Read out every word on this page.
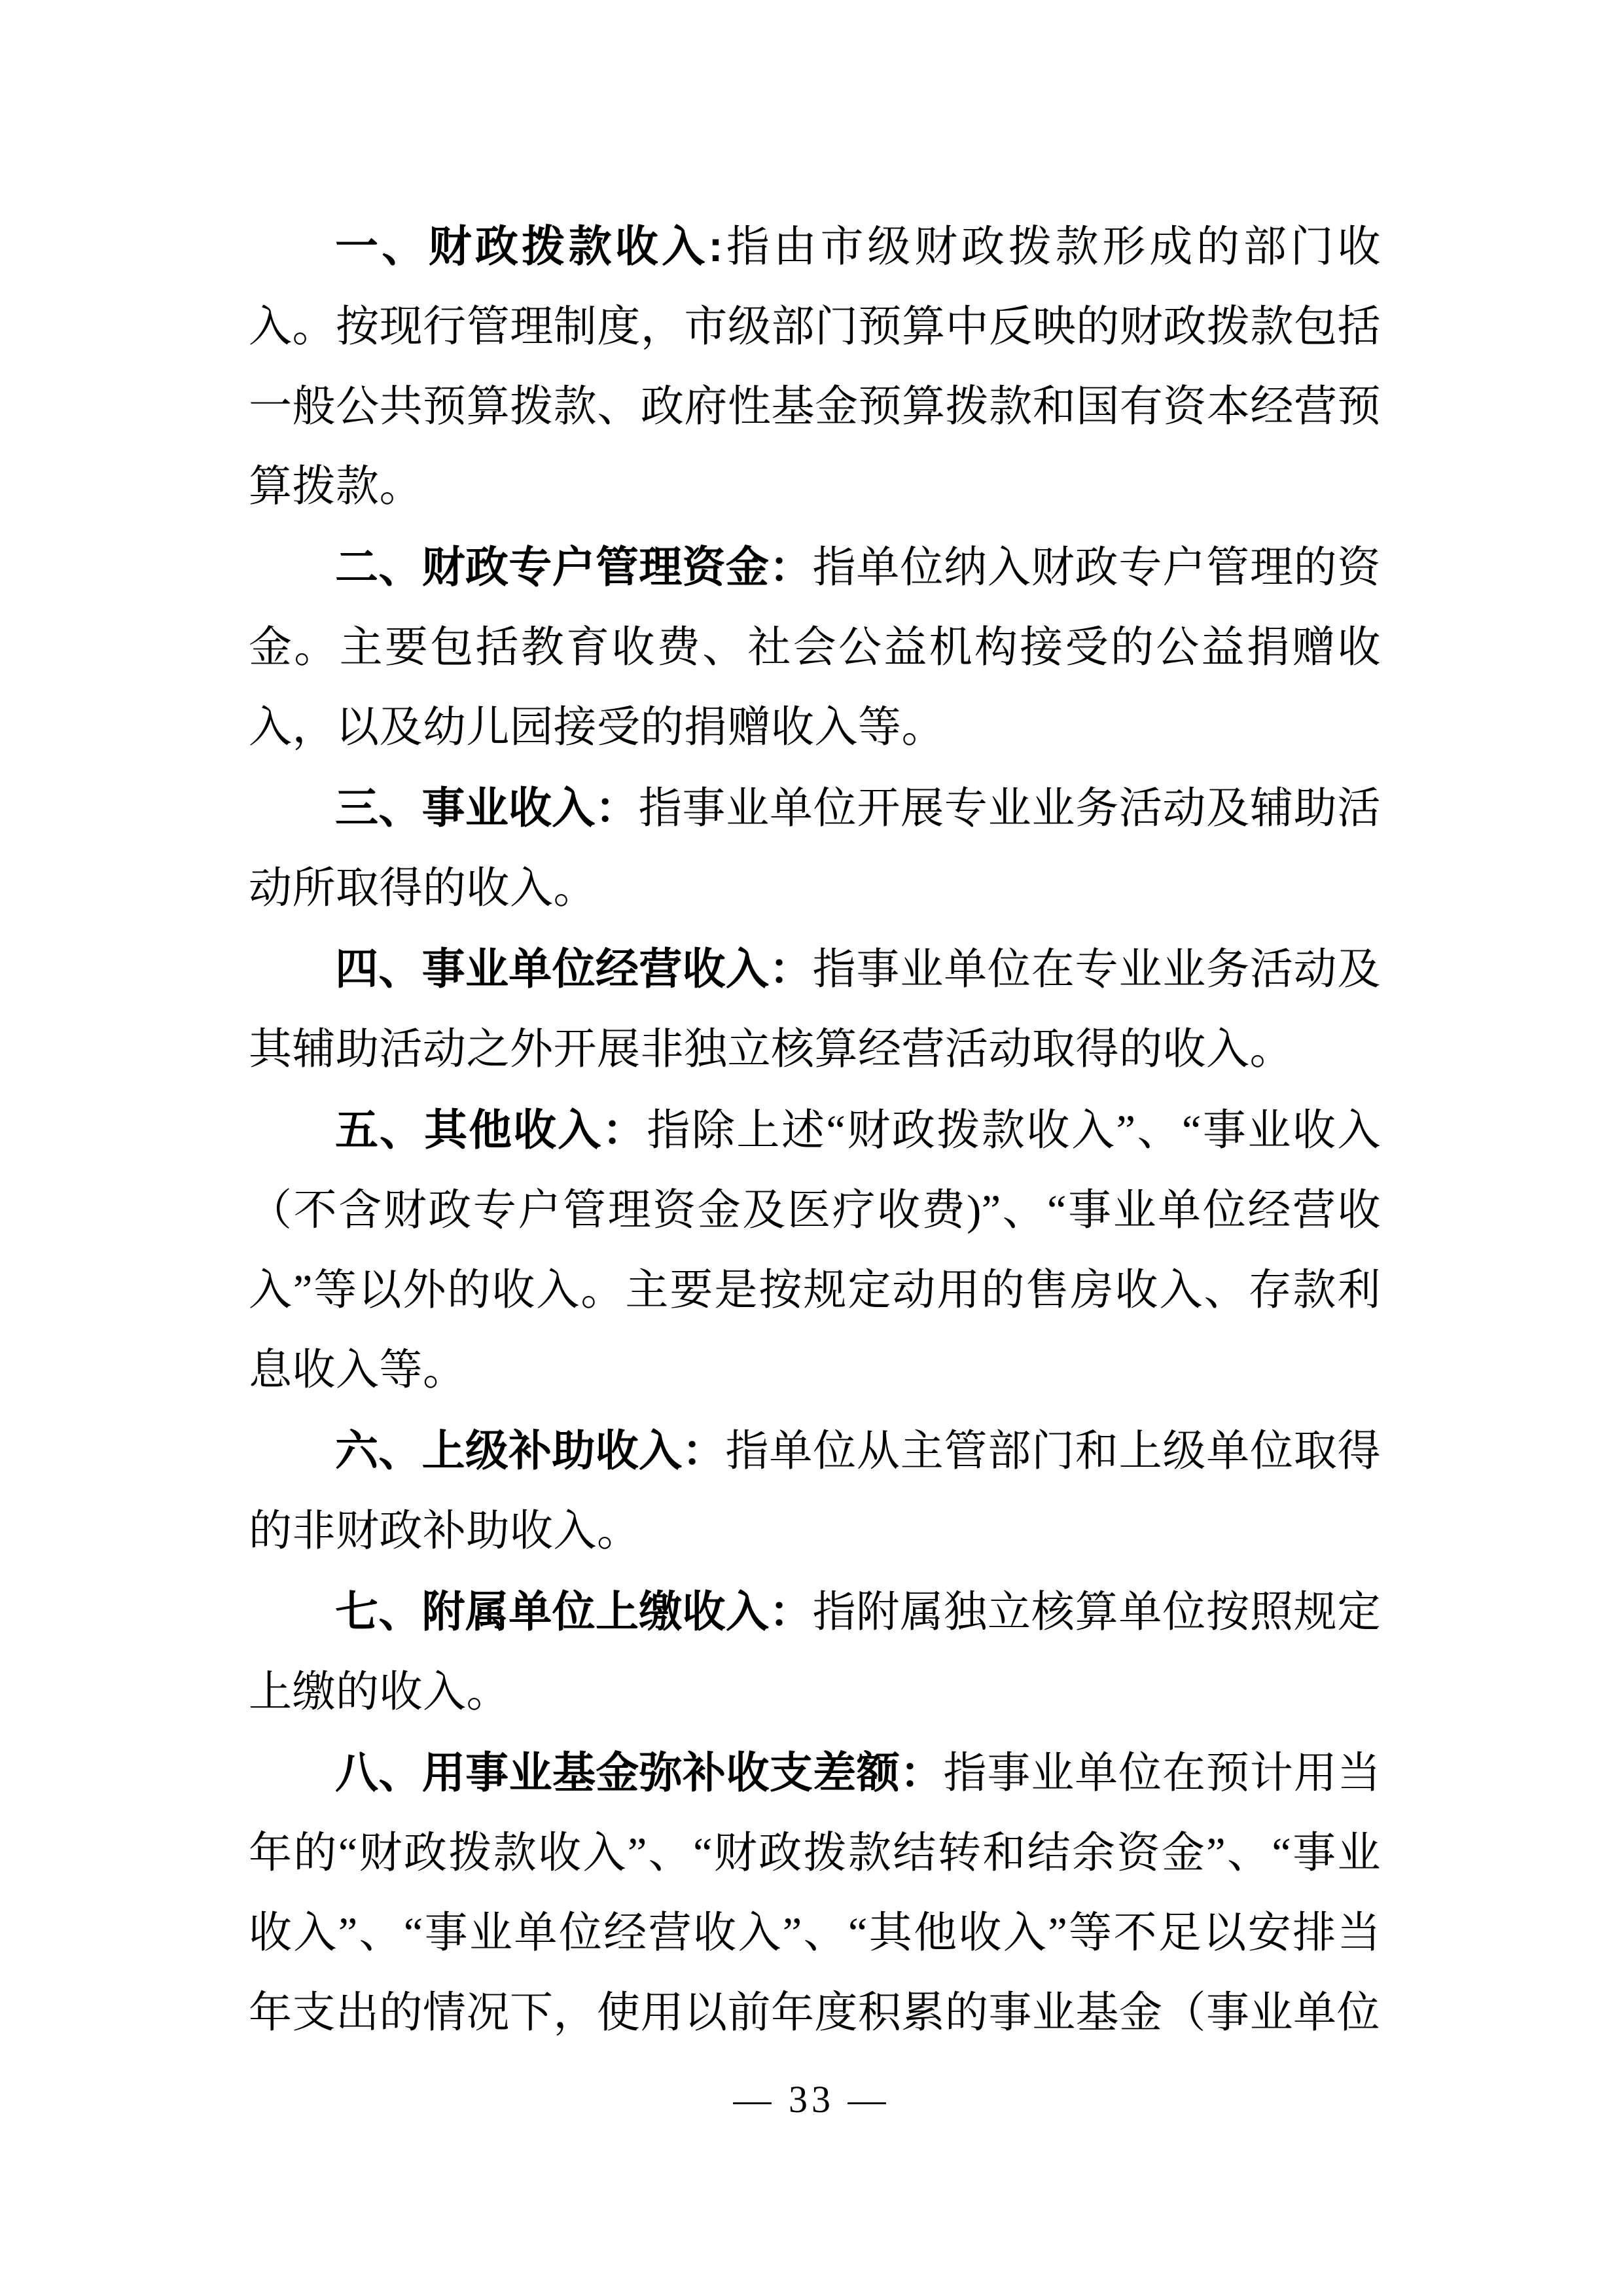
一、财政拨款收入:指由市级财政拨款形成的部门收入。按现行管理制度，市级部门预算中反映的财政拨款包括一般公共预算拨款、政府性基金预算拨款和国有资本经营预算拨款。

二、财政专户管理资金：指单位纳入财政专户管理的资金。主要包括教育收费、社会公益机构接受的公益捐赠收入，以及幼儿园接受的捐赠收入等。

三、事业收入：指事业单位开展专业业务活动及辅助活动所取得的收入。

四、事业单位经营收入：指事业单位在专业业务活动及其辅助活动之外开展非独立核算经营活动取得的收入。

五、其他收入：指除上述“财政拨款收入”、“事业收入（不含财政专户管理资金及医疗收费)”、“事业单位经营收入”等以外的收入。主要是按规定动用的售房收入、存款利息收入等。

六、上级补助收入：指单位从主管部门和上级单位取得的非财政补助收入。

七、附属单位上缴收入：指附属独立核算单位按照规定上缴的收入。

八、用事业基金弥补收支差额：指事业单位在预计用当年的“财政拨款收入”、“财政拨款结转和结余资金”、“事业收入”、“事业单位经营收入”、“其他收入”等不足以安排当年支出的情况下，使用以前年度积累的事业基金（事业单位

— 33 —
